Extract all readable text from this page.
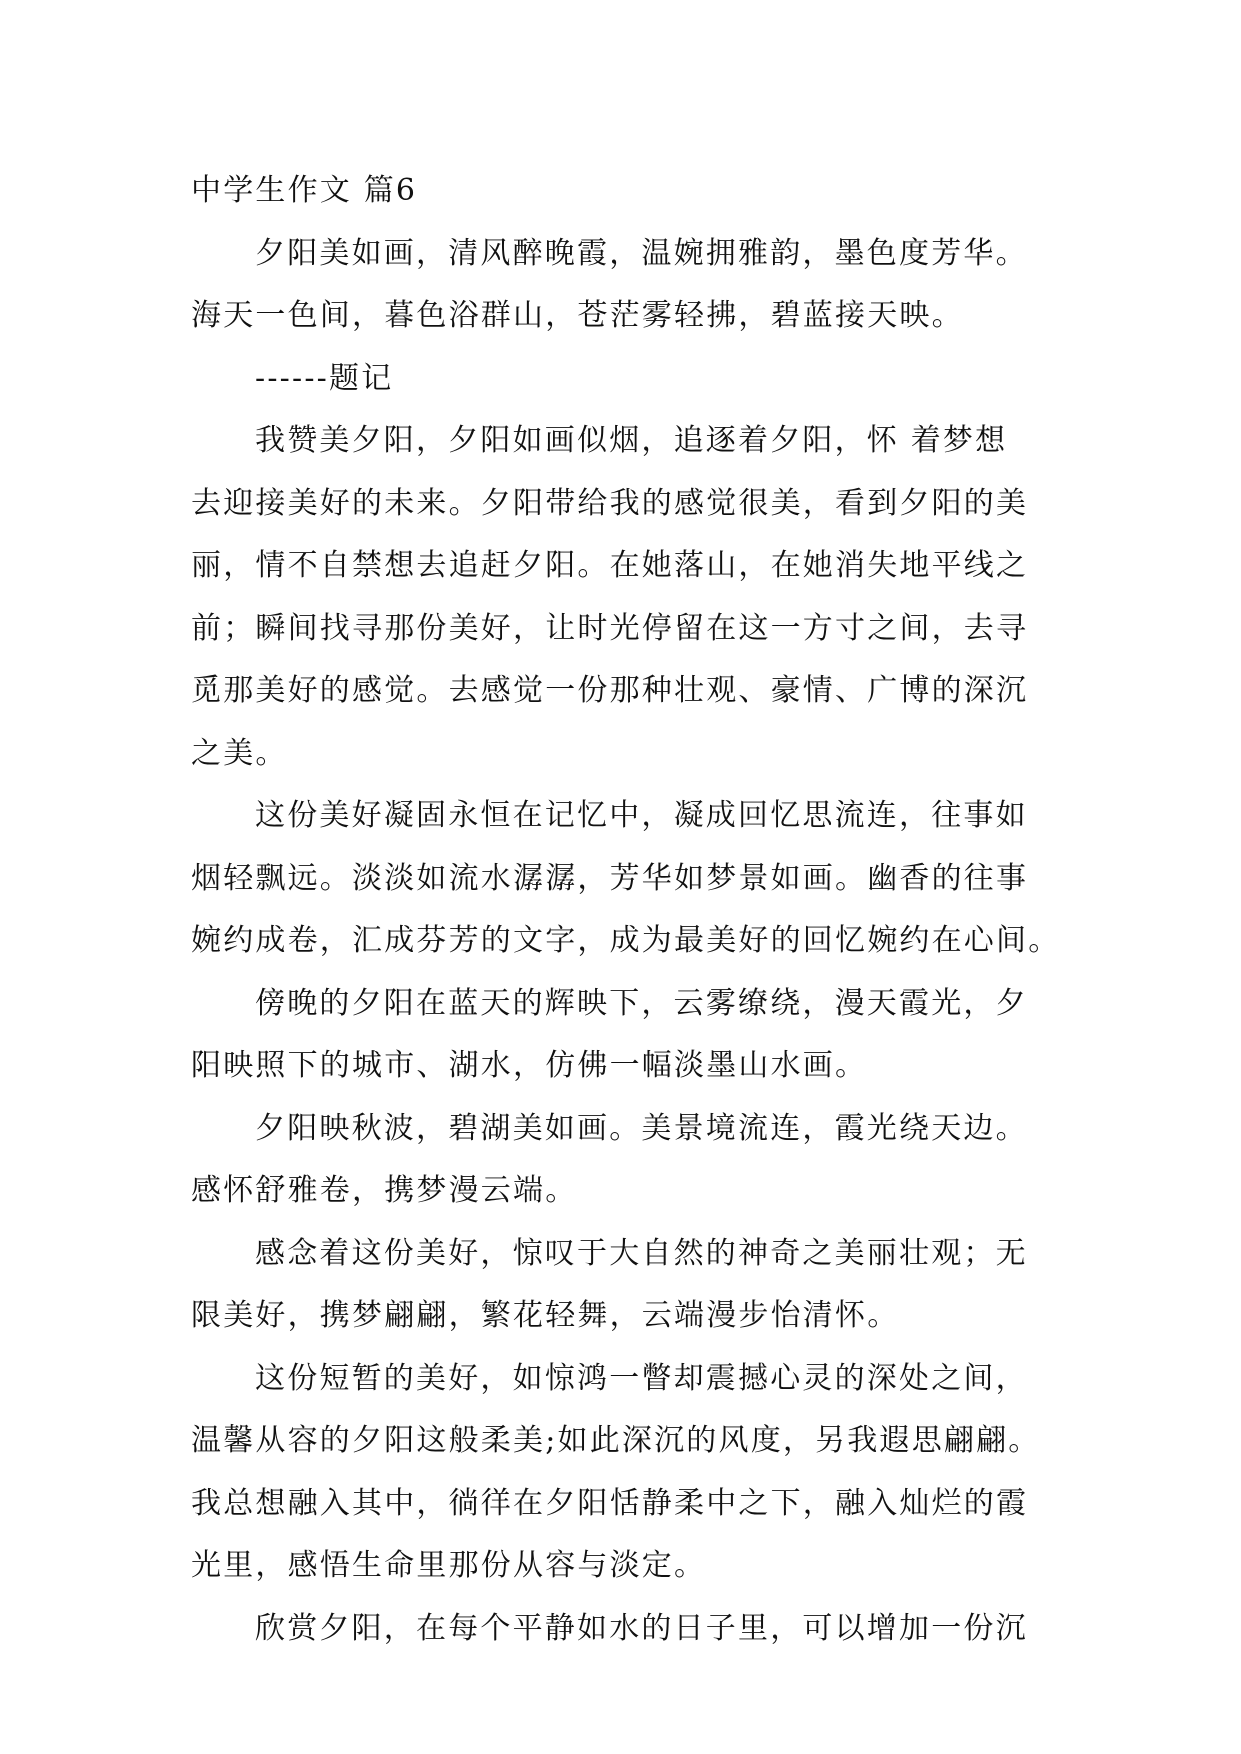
中学生作文 篇6
夕阳美如画，清风醉晚霞，温婉拥雅韵，墨色度芳华。
海天一色间，暮色浴群山，苍茫雾轻拂，碧蓝接天映。
------题记
我赞美夕阳，夕阳如画似烟，追逐着夕阳，怀 着梦想
去迎接美好的未来。夕阳带给我的感觉很美，看到夕阳的美
丽，情不自禁想去追赶夕阳。在她落山，在她消失地平线之
前；瞬间找寻那份美好，让时光停留在这一方寸之间，去寻
觅那美好的感觉。去感觉一份那种壮观、豪情、广博的深沉
之美。
这份美好凝固永恒在记忆中，凝成回忆思流连，往事如
烟轻飘远。淡淡如流水潺潺，芳华如梦景如画。幽香的往事
婉约成卷，汇成芬芳的文字，成为最美好的回忆婉约在心间。
傍晚的夕阳在蓝天的辉映下，云雾缭绕，漫天霞光，夕
阳映照下的城市、湖水，仿佛一幅淡墨山水画。
夕阳映秋波，碧湖美如画。美景境流连，霞光绕天边。
感怀舒雅卷，携梦漫云端。
感念着这份美好，惊叹于大自然的神奇之美丽壮观；无
限美好，携梦翩翩，繁花轻舞，云端漫步怡清怀。
这份短暂的美好，如惊鸿一瞥却震撼心灵的深处之间，
温馨从容的夕阳这般柔美;如此深沉的风度，另我遐思翩翩。
我总想融入其中，徜徉在夕阳恬静柔中之下，融入灿烂的霞
光里，感悟生命里那份从容与淡定。
欣赏夕阳，在每个平静如水的日子里，可以增加一份沉
